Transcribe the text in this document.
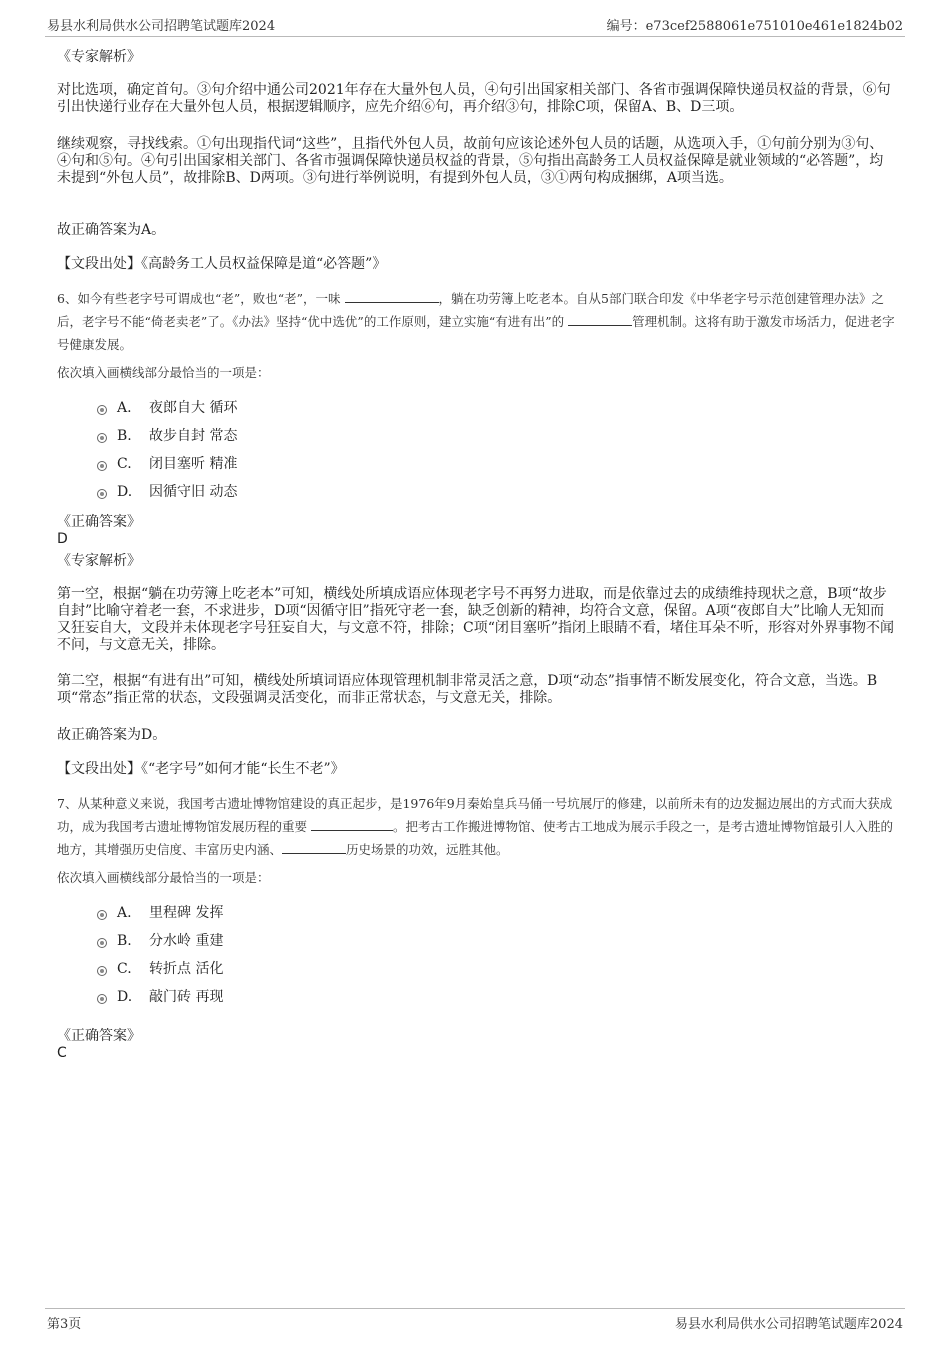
易县水利局供水公司招聘笔试题库2024	编号：e73cef2588061e751010e461e1824b02
《专家解析》
对比选项，确定首句。③句介绍中通公司2021年存在大量外包人员，④句引出国家相关部门、各省市强调保障快递员权益的背景，⑥句引出快递行业存在大量外包人员，根据逻辑顺序，应先介绍⑥句，再介绍③句，排除C项，保留A、B、D三项。
继续观察，寻找线索。①句出现指代词“这些”，且指代外包人员，故前句应该论述外包人员的话题，从选项入手，①句前分别为③句、④句和⑤句。④句引出国家相关部门、各省市强调保障快递员权益的背景，⑤句指出高龄务工人员权益保障是就业领域的“必答题”，均未提到“外包人员”，故排除B、D两项。③句进行举例说明，有提到外包人员，③①两句构成捆绑，A项当选。
故正确答案为A。
【文段出处】《高龄务工人员权益保障是道“必答题”》
6、如今有些老字号可谓成也“老”，败也“老”，一味	，躺在功劳簿上吃老本。自从5部门联合印发《中华老字号示范创建管理办法》之后，老字号不能“倚老卖老”了。《办法》坚持“优中选优”的工作原则，建立实施“有进有出”的	管理机制。这将有助于激发市场活力，促进老字号健康发展。
依次填入画横线部分最恰当的一项是：
A. 夜郎自大 循环
B. 故步自封 常态
C. 闭目塞听 精准
D. 因循守旧 动态
《正确答案》
D
《专家解析》
第一空，根据“躺在功劳簿上吃老本”可知，横线处所填成语应体现老字号不再努力进取，而是依靠过去的成绩维持现状之意，B项“故步自封”比喻守着老一套，不求进步，D项“因循守旧”指死守老一套，缺乏创新的精神，均符合文意，保留。A项“夜郎自大”比喻人无知而又狂妄自大，文段并未体现老字号狂妄自大，与文意不符，排除；C项“闭目塞听”指闭上眼睛不看，堵住耳朵不听，形容对外界事物不闻不问，与文意无关，排除。
第二空，根据“有进有出”可知，横线处所填词语应体现管理机制非常灵活之意，D项“动态”指事情不断发展变化，符合文意，当选。B项“常态”指正常的状态，文段强调灵活变化，而非正常状态，与文意无关，排除。
故正确答案为D。
【文段出处】《“老字号”如何才能“长生不老”》
7、从某种意义来说，我国考古遗址博物馆建设的真正起步，是1976年9月秦始皇兵马俑一号坑展厅的修建，以前所未有的边发掘边展出的方式而大获成功，成为我国考古遗址博物馆发展历程的重要	。把考古工作搬进博物馆、使考古工地成为展示手段之一，是考古遗址博物馆最引人入胜的地方，其增强历史信度、丰富历史内涵、	历史场景的功效，远胜其他。
依次填入画横线部分最恰当的一项是：
A. 里程碑 发挥
B. 分水岭 重建
C. 转折点 活化
D. 敲门砖 再现
《正确答案》
C
第3页	易县水利局供水公司招聘笔试题库2024
